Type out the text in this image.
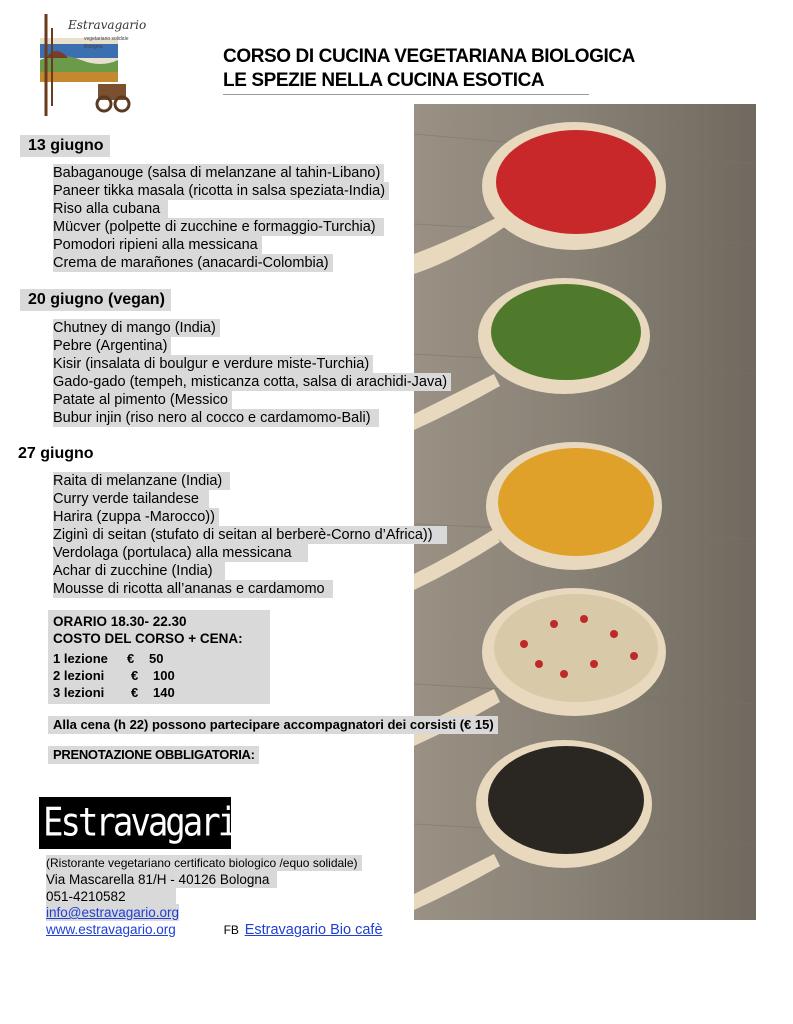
Estravagario
vegetariano solidale
Bologna	CORSO DI CUCINA VEGETARIANA BIOLOGICA
LE SPEZIE NELLA CUCINA ESOTICA
13 giugno
Babaganouge (salsa di melanzane al tahin-Libano)
Paneer tikka masala (ricotta in salsa speziata-India)
Riso alla cubana
Mücver (polpette di zucchine e formaggio-Turchia)
Pomodori ripieni alla messicana
Crema de marañones (anacardi-Colombia)
20 giugno (vegan)
Chutney di mango (India)
Pebre (Argentina)
Kisir (insalata di boulgur e verdure miste-Turchia)
Gado-gado (tempeh, misticanza cotta, salsa di arachidi-Java)
Patate al pimento (Messico
Bubur injin (riso nero al cocco e cardamomo-Bali)
27 giugno
Raita di melanzane (India)
Curry verde tailandese
Harira (zuppa -Marocco))
Ziginì di seitan (stufato di seitan al berberè-Corno d’Africa))
Verdolaga (portulaca) alla messicana
Achar di zucchine (India)
Mousse di ricotta all’ananas e cardamomo
ORARIO 18.30- 22.30
COSTO DEL CORSO + CENA:
1 lezione € 50
2 lezioni € 100
3 lezioni € 140
Alla cena (h 22) possono partecipare accompagnatori dei corsisti (€ 15)
PRENOTAZIONE OBBLIGATORIA:
Estravagario
(Ristorante vegetariano certificato biologico /equo solidale)
Via Mascarella 81/H - 40126 Bologna
051-4210582
info@estravagario.org
www.estravagario.org	FB Estravagario Bio cafè
